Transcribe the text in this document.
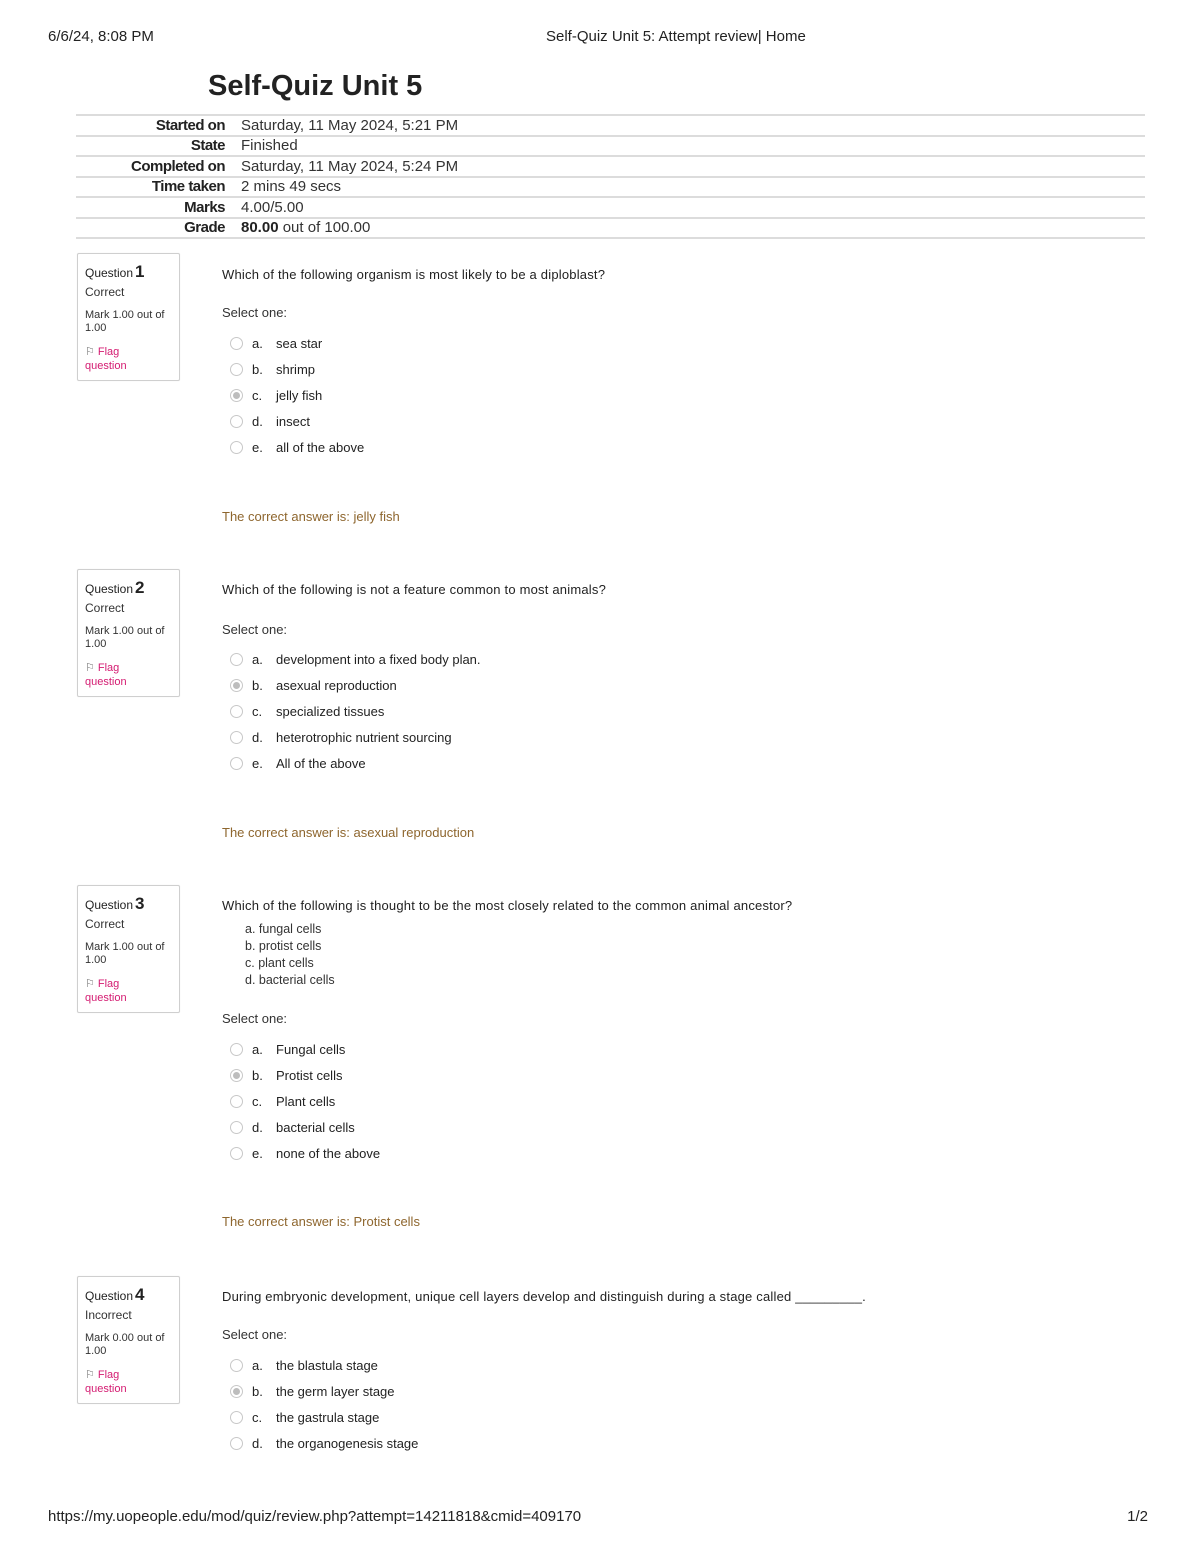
6/6/24, 8:08 PM	Self-Quiz Unit 5: Attempt review| Home
Self-Quiz Unit 5
Started on	Saturday, 11 May 2024, 5:21 PM
State	Finished
Completed on	Saturday, 11 May 2024, 5:24 PM
Time taken	2 mins 49 secs
Marks	4.00/5.00
Grade	80.00 out of 100.00
Question 1
Correct
Mark 1.00 out of 1.00
⚐ Flag question
Which of the following organism is most likely to be a diploblast?
Select one:
a.	sea star
b.	shrimp
c.	jelly fish
d.	insect
e.	all of the above
The correct answer is: jelly fish
Question 2
Correct
Mark 1.00 out of 1.00
⚐ Flag question
Which of the following is not a feature common to most animals?
Select one:
a.	development into a fixed body plan.
b.	asexual reproduction
c.	specialized tissues
d.	heterotrophic nutrient sourcing
e.	All of the above
The correct answer is: asexual reproduction
Question 3
Correct
Mark 1.00 out of 1.00
⚐ Flag question
Which of the following is thought to be the most closely related to the common animal ancestor?
a. fungal cells
b. protist cells
c. plant cells
d. bacterial cells
Select one:
a.	Fungal cells
b.	Protist cells
c.	Plant cells
d.	bacterial cells
e.	none of the above
The correct answer is: Protist cells
Question 4
Incorrect
Mark 0.00 out of 1.00
⚐ Flag question
During embryonic development, unique cell layers develop and distinguish during a stage called _________.
Select one:
a.	the blastula stage
b.	the germ layer stage
c.	the gastrula stage
d.	the organogenesis stage
https://my.uopeople.edu/mod/quiz/review.php?attempt=14211818&cmid=409170	1/2
